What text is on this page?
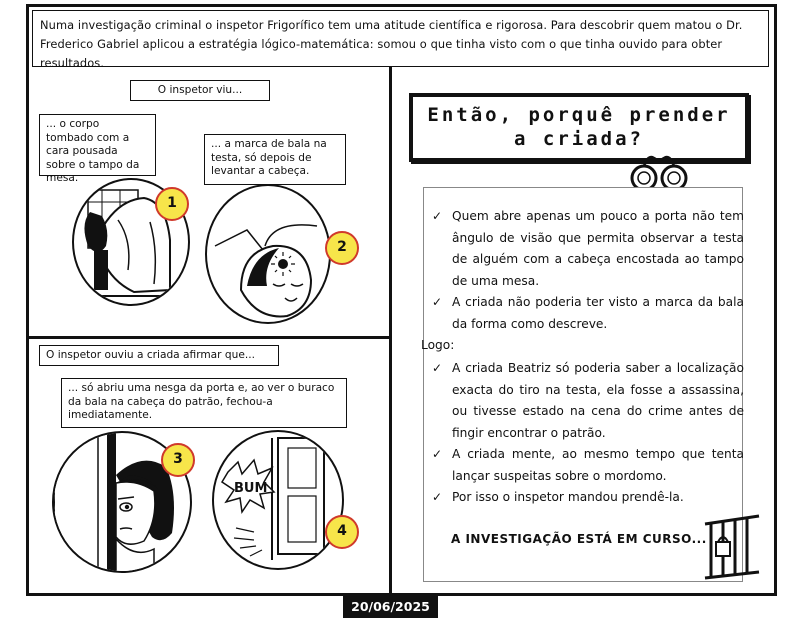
Numa investigação criminal o inspetor Frigorífico tem uma atitude científica e rigorosa. Para descobrir quem matou o Dr. Frederico Gabriel aplicou a estratégia lógico-matemática: somou o que tinha visto com o que tinha ouvido para obter resultados.
O inspetor viu...
... o corpo tombado com a cara pousada sobre o tampo da mesa.
... a marca de bala na testa, só depois de levantar a cabeça.
1
2
O inspetor ouviu a criada afirmar que...
... só abriu uma nesga da porta e, ao ver o buraco da bala na cabeça do patrão, fechou-a imediatamente.
3
BUM
4
Então, porquê prender a criada?
✓ Quem abre apenas um pouco a porta não tem ângulo de visão que permita observar a testa de alguém com a cabeça encostada ao tampo de uma mesa.
✓ A criada não poderia ter visto a marca da bala da forma como descreve.
Logo:
✓ A criada Beatriz só poderia saber a localização exacta do tiro na testa, ela fosse a assassina, ou tivesse estado na cena do crime antes de fingir encontrar o patrão.
✓ A criada mente, ao mesmo tempo que tenta lançar suspeitas sobre o mordomo.
✓ Por isso o inspetor mandou prendê-la.
A INVESTIGAÇÃO ESTÁ EM CURSO...
20/06/2025
